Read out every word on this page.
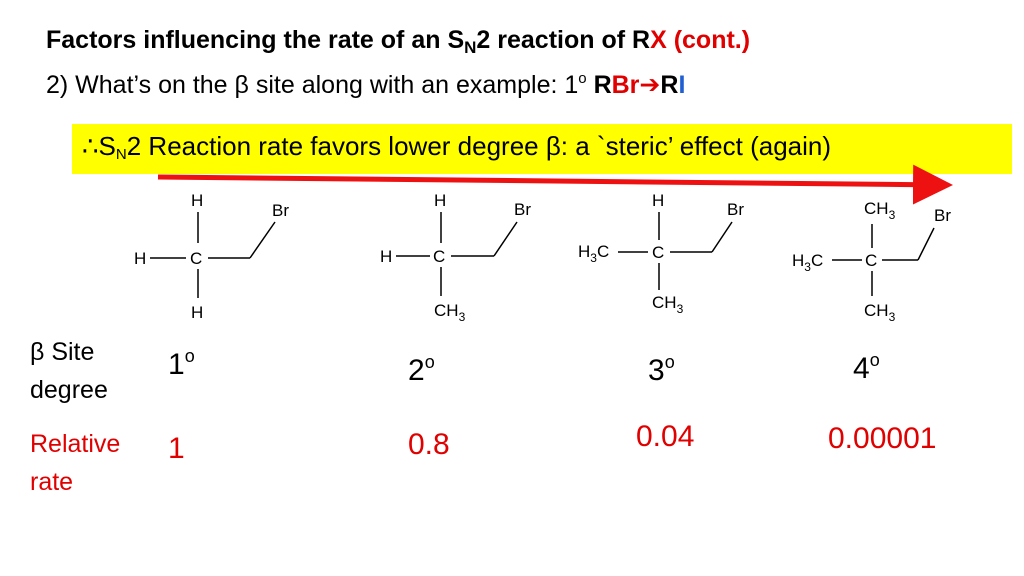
Factors influencing the rate of an $S_N2$ reaction of RX (cont.)
2) What’s on the β site along with an example: 1$^o$ RBr➔RI
$\therefore S_N2$ Reaction rate favors lower degree β: a `steric’ effect (again)
H
H	C
Br
H
H
H C
Br
$CH_3$
H
$H_3C$	C
Br
$CH_3$
$CH_3$
$H_3C$ C
Br
$CH_3$
β Site
degree
1$^o$	2$^o$	3$^o$	4$^o$
Relative
rate
1	0.8	0.04	0.00001
